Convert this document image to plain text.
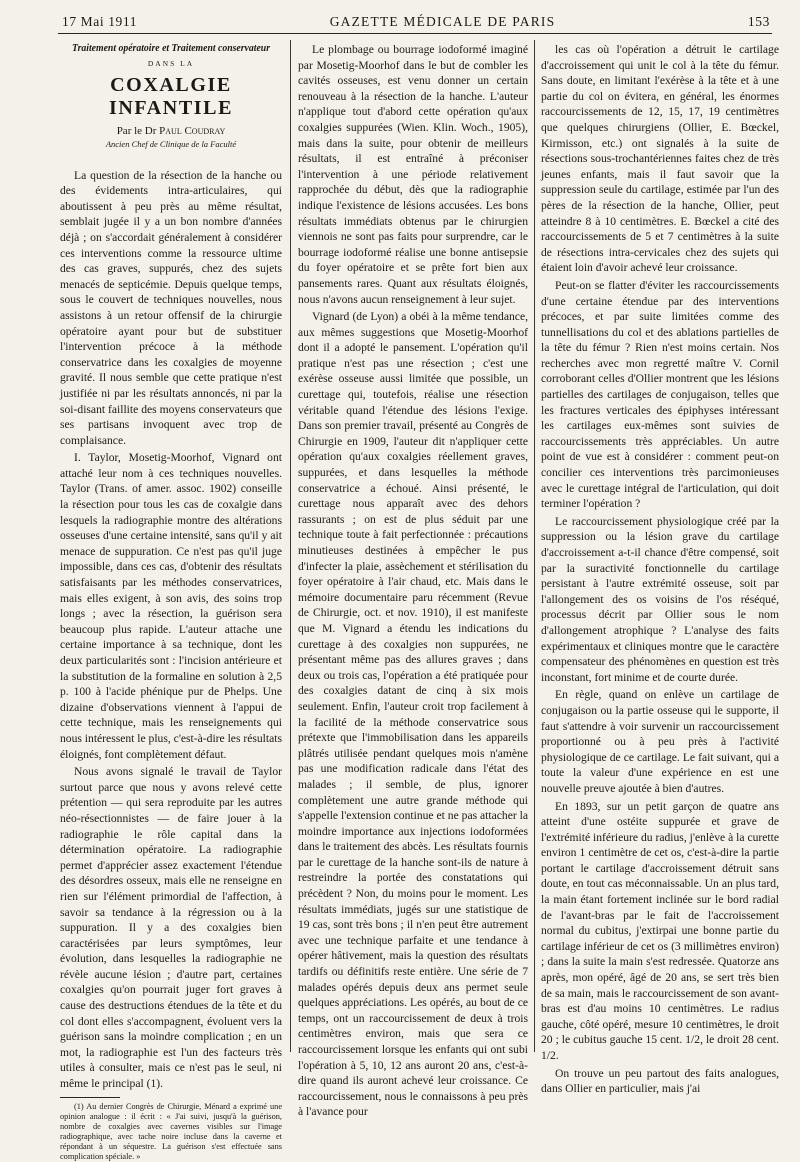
17 Mai 1911	GAZETTE MÉDICALE DE PARIS	153
Traitement opératoire et Traitement conservateur
DANS LA
COXALGIE INFANTILE
Par le Dr Paul Coudray
Ancien Chef de Clinique de la Faculté

La question de la résection de la hanche ou des évidements intra-articulaires, qui aboutissent à peu près au même résultat, semblait jugée il y a un bon nombre d'années déjà ; on s'accordait généralement à considérer ces interventions comme la ressource ultime des cas graves, suppurés, chez des sujets menacés de septicémie. Depuis quelque temps, sous le couvert de techniques nouvelles, nous assistons à un retour offensif de la chirurgie opératoire ayant pour but de substituer l'intervention précoce à la méthode conservatrice dans les coxalgies de moyenne gravité. Il nous semble que cette pratique n'est justifiée ni par les résultats annoncés, ni par la soi-disant faillite des moyens conservateurs que ses partisans invoquent avec trop de complaisance.

I. Taylor, Mosetig-Moorhof, Vignard ont attaché leur nom à ces techniques nouvelles. Taylor (Trans. of amer. assoc. 1902) conseille la résection pour tous les cas de coxalgie dans lesquels la radiographie montre des altérations osseuses d'une certaine intensité, sans qu'il y ait menace de suppuration. Ce n'est pas qu'il juge impossible, dans ces cas, d'obtenir des résultats satisfaisants par les méthodes conservatrices, mais elles exigent, à son avis, des soins trop longs ; avec la résection, la guérison sera beaucoup plus rapide. L'auteur attache une certaine importance à sa technique, dont les deux particularités sont : l'incision antérieure et la substitution de la formaline en solution à 2,5 p. 100 à l'acide phénique pur de Phelps. Une dizaine d'observations viennent à l'appui de cette technique, mais les renseignements qui nous intéressent le plus, c'est-à-dire les résultats éloignés, font complètement défaut.

Nous avons signalé le travail de Taylor surtout parce que nous y avons relevé cette prétention — qui sera reproduite par les autres néo-résectionnistes — de faire jouer à la radiographie le rôle capital dans la détermination opératoire. La radiographie permet d'apprécier assez exactement l'étendue des désordres osseux, mais elle ne renseigne en rien sur l'élément primordial de l'affection, à savoir sa tendance à la régression ou à la suppuration. Il y a des coxalgies bien caractérisées par leurs symptômes, leur évolution, dans lesquelles la radiographie ne révèle aucune lésion ; d'autre part, certaines coxalgies qu'on pourrait juger fort graves à cause des destructions étendues de la tête et du col dont elles s'accompagnent, évoluent vers la guérison sans la moindre complication ; en un mot, la radiographie est l'un des facteurs très utiles à consulter, mais ce n'est pas le seul, ni même le principal (1).

(1) Au dernier Congrès de Chirurgie, Ménard a exprimé une opinion analogue : il écrit : « J'ai suivi, jusqu'à la guérison, nombre de coxalgies avec cavernes visibles sur l'image radiographique, avec tache noire incluse dans la caverne et répondant à un séquestre. La guérison s'est effectuée sans complication spéciale. »

Le plombage ou bourrage iodoformé imaginé par Mosetig-Moorhof dans le but de combler les cavités osseuses, est venu donner un certain renouveau à la résection de la hanche. L'auteur n'applique tout d'abord cette opération qu'aux coxalgies suppurées (Wien. Klin. Woch., 1905), mais dans la suite, pour obtenir de meilleurs résultats, il est entraîné à préconiser l'intervention à une période relativement rapprochée du début, dès que la radiographie indique l'existence de lésions accusées. Les bons résultats immédiats obtenus par le chirurgien viennois ne sont pas faits pour surprendre, car le bourrage iodoformé réalise une bonne antisepsie du foyer opératoire et se prête fort bien aux pansements rares. Quant aux résultats éloignés, nous n'avons aucun renseignement à leur sujet.

Vignard (de Lyon) a obéi à la même tendance, aux mêmes suggestions que Mosetig-Moorhof dont il a adopté le pansement. L'opération qu'il pratique n'est pas une résection ; c'est une exérèse osseuse aussi limitée que possible, un curettage qui, toutefois, réalise une résection véritable quand l'étendue des lésions l'exige. Dans son premier travail, présenté au Congrès de Chirurgie en 1909, l'auteur dit n'appliquer cette opération qu'aux coxalgies réellement graves, suppurées, et dans lesquelles la méthode conservatrice a échoué. Ainsi présenté, le curettage nous apparaît avec des dehors rassurants ; on est de plus séduit par une technique toute à fait perfectionnée : précautions minutieuses destinées à empêcher le pus d'infecter la plaie, assèchement et stérilisation du foyer opératoire à l'air chaud, etc. Mais dans le mémoire documentaire paru récemment (Revue de Chirurgie, oct. et nov. 1910), il est manifeste que M. Vignard a étendu les indications du curettage à des coxalgies non suppurées, ne présentant même pas des allures graves ; dans deux ou trois cas, l'opération a été pratiquée pour des coxalgies datant de cinq à six mois seulement. Enfin, l'auteur croit trop facilement à la facilité de la méthode conservatrice sous prétexte que l'immobilisation dans les appareils plâtrés utilisée pendant quelques mois n'amène pas une modification radicale dans l'état des malades ; il semble, de plus, ignorer complètement une autre grande méthode qui s'appelle l'extension continue et ne pas attacher la moindre importance aux injections iodoformées dans le traitement des abcès. Les résultats fournis par le curettage de la hanche sont-ils de nature à restreindre la portée des constatations qui précèdent ? Non, du moins pour le moment. Les résultats immédiats, jugés sur une statistique de 19 cas, sont très bons ; il n'en peut être autrement avec une technique parfaite et une tendance à opérer hâtivement, mais la question des résultats tardifs ou définitifs reste entière. Une série de 7 malades opérés depuis deux ans permet seule quelques appréciations. Les opérés, au bout de ce temps, ont un raccourcissement de deux à trois centimètres environ, mais que sera ce raccourcissement lorsque les enfants qui ont subi l'opération à 5, 10, 12 ans auront 20 ans, c'est-à-dire quand ils auront achevé leur croissance. Ce raccourcissement, nous le connaissons à peu près à l'avance pour

les cas où l'opération a détruit le cartilage d'accroissement qui unit le col à la tête du fémur. Sans doute, en limitant l'exérèse à la tête et à une partie du col on évitera, en général, les énormes raccourcissements de 12, 15, 17, 19 centimètres que quelques chirurgiens (Ollier, E. Bœckel, Kirmisson, etc.) ont signalés à la suite de résections sous-trochantériennes faites chez de très jeunes enfants, mais il faut savoir que la suppression seule du cartilage, estimée par l'un des pères de la résection de la hanche, Ollier, peut atteindre 8 à 10 centimètres. E. Bœckel a cité des raccourcissements de 5 et 7 centimètres à la suite de résections intra-cervicales chez des sujets qui étaient loin d'avoir achevé leur croissance.

Peut-on se flatter d'éviter les raccourcissements d'une certaine étendue par des interventions précoces, et par suite limitées comme des tunnellisations du col et des ablations partielles de la tête du fémur ? Rien n'est moins certain. Nos recherches avec mon regretté maître V. Cornil corroborant celles d'Ollier montrent que les lésions partielles des cartilages de conjugaison, telles que les fractures verticales des épiphyses intéressant les cartilages eux-mêmes sont suivies de raccourcissements très appréciables. Un autre point de vue est à considérer : comment peut-on concilier ces interventions très parcimonieuses avec le curettage intégral de l'articulation, qui doit terminer l'opération ?

Le raccourcissement physiologique créé par la suppression ou la lésion grave du cartilage d'accroissement a-t-il chance d'être compensé, soit par la suractivité fonctionnelle du cartilage persistant à l'autre extrémité osseuse, soit par l'allongement des os voisins de l'os réséqué, processus décrit par Ollier sous le nom d'allongement atrophique ? L'analyse des faits expérimentaux et cliniques montre que le caractère compensateur des phénomènes en question est très inconstant, fort minime et de courte durée.

En règle, quand on enlève un cartilage de conjugaison ou la partie osseuse qui le supporte, il faut s'attendre à voir survenir un raccourcissement proportionné ou à peu près à l'activité physiologique de ce cartilage. Le fait suivant, qui a toute la valeur d'une expérience en est une nouvelle preuve ajoutée à bien d'autres.

En 1893, sur un petit garçon de quatre ans atteint d'une ostéite suppurée et grave de l'extrémité inférieure du radius, j'enlève à la curette environ 1 centimètre de cet os, c'est-à-dire la partie portant le cartilage d'accroissement détruit sans doute, en tout cas méconnaissable. Un an plus tard, la main étant fortement inclinée sur le bord radial de l'avant-bras par le fait de l'accroissement normal du cubitus, j'extirpai une bonne partie du cartilage inférieur de cet os (3 millimètres environ) ; dans la suite la main s'est redressée. Quatorze ans après, mon opéré, âgé de 20 ans, se sert très bien de sa main, mais le raccourcissement de son avant-bras est d'au moins 10 centimètres. Le radius gauche, côté opéré, mesure 10 centimètres, le droit 20 ; le cubitus gauche 15 cent. 1/2, le droit 28 cent. 1/2.

On trouve un peu partout des faits analogues, dans Ollier en particulier, mais j'ai
